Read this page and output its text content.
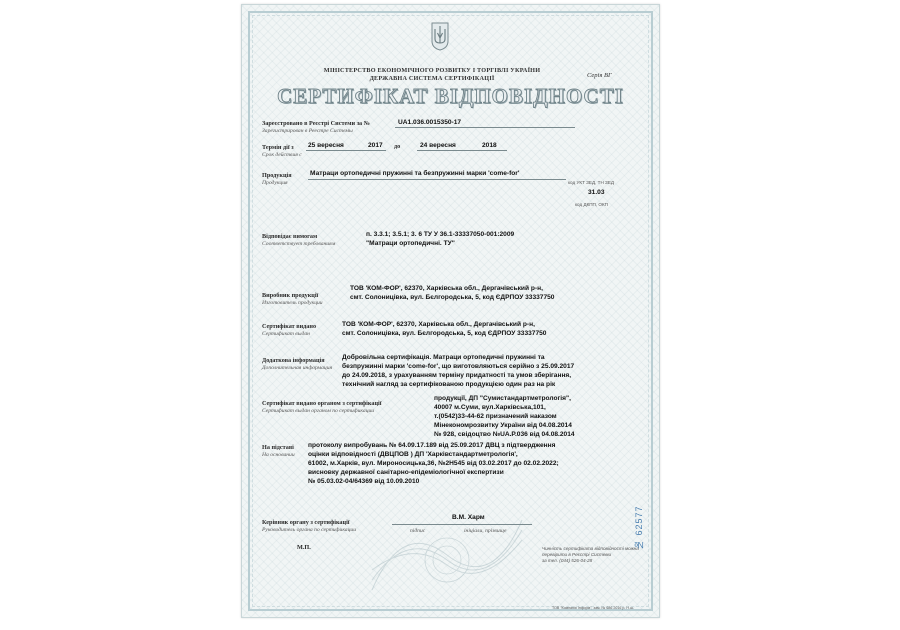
МІНІСТЕРСТВО ЕКОНОМІЧНОГО РОЗВИТКУ І ТОРГІВЛІ УКРАЇНИ
ДЕРЖАВНА СИСТЕМА СЕРТИФІКАЦІЇ	Серія ВГ
СЕРТИФІКАТ ВІДПОВІДНОСТІ
Зареєстровано в Реєстрі Системи за №
Зарегистрирован в Реестре Системы
UA1.036.0015350-17
Термін дії з
Срок действия с
25 вересня	2017 до	24 вересня	2018
Продукція
Продукция
Матраци ортопедичні пружинні та безпружинні марки 'come-for'
код УКТ ЗЕД, ТН ЗЕД
31.03
код ДКПП, ОКП
Відповідає вимогам
Соответствует требованиям
п. 3.3.1; 3.5.1; 3. 6 ТУ У 36.1-33337050-001:2009
"Матраци ортопедичні. ТУ"
Виробник продукції
Изготовитель продукции
ТОВ 'КОМ-ФОР', 62370, Харківська обл., Дергачівський р-н,
смт. Солоницівка, вул. Бєлгородська, 5, код ЄДРПОУ 33337750
Сертифікат видано
Сертификат выдан
ТОВ 'КОМ-ФОР', 62370, Харківська обл., Дергачівський р-н,
смт. Солоницівка, вул. Бєлгородська, 5, код ЄДРПОУ 33337750
Додаткова інформація
Дополнительная информация
Добровільна сертифікація. Матраци ортопедичні пружинні та
безпружинні марки 'come-for', що виготовляються серійно з 25.09.2017
до 24.09.2018, з урахуванням терміну придатності та умов зберігання,
технічний нагляд за сертифікованою продукцією один раз на рік
Сертифікат видано органом з сертифікації
Сертификат выдан органом по сертификации
продукції, ДП "Сумистандартметрологія",
40007 м.Суми, вул.Харківська,101,
т.(0542)33-44-62 призначений наказом
Мінекономрозвитку України від 04.08.2014
№ 928, свідоцтво №UA.P.036 від 04.08.2014
На підставі
На основании
протоколу випробувань № 64.09.17.189 від 25.09.2017 ДВЦ з підтвердження
оцінки відповідності (ДВЦПОВ ) ДП 'Харківстандартметрологія',
61002, м.Харків, вул. Мироносицька,36, №2Н545 від 03.02.2017 до 02.02.2022;
висновку державної санітарно-епідеміологічної експертизи
№ 05.03.02-04/64369 від 10.09.2010
В.М. Харм
Керівник органу з сертифікації
Руководитель органа по сертификации	підпис	ініціали, прізвище
М.П.	Чинність сертифіката відповідності можна
перевірити в Реєстрі Системи
за тел. (044) 526-04-28
ТОВ "Компанія Інформ", зам. № 686 2016 р. Н.ш.
№ 62577
